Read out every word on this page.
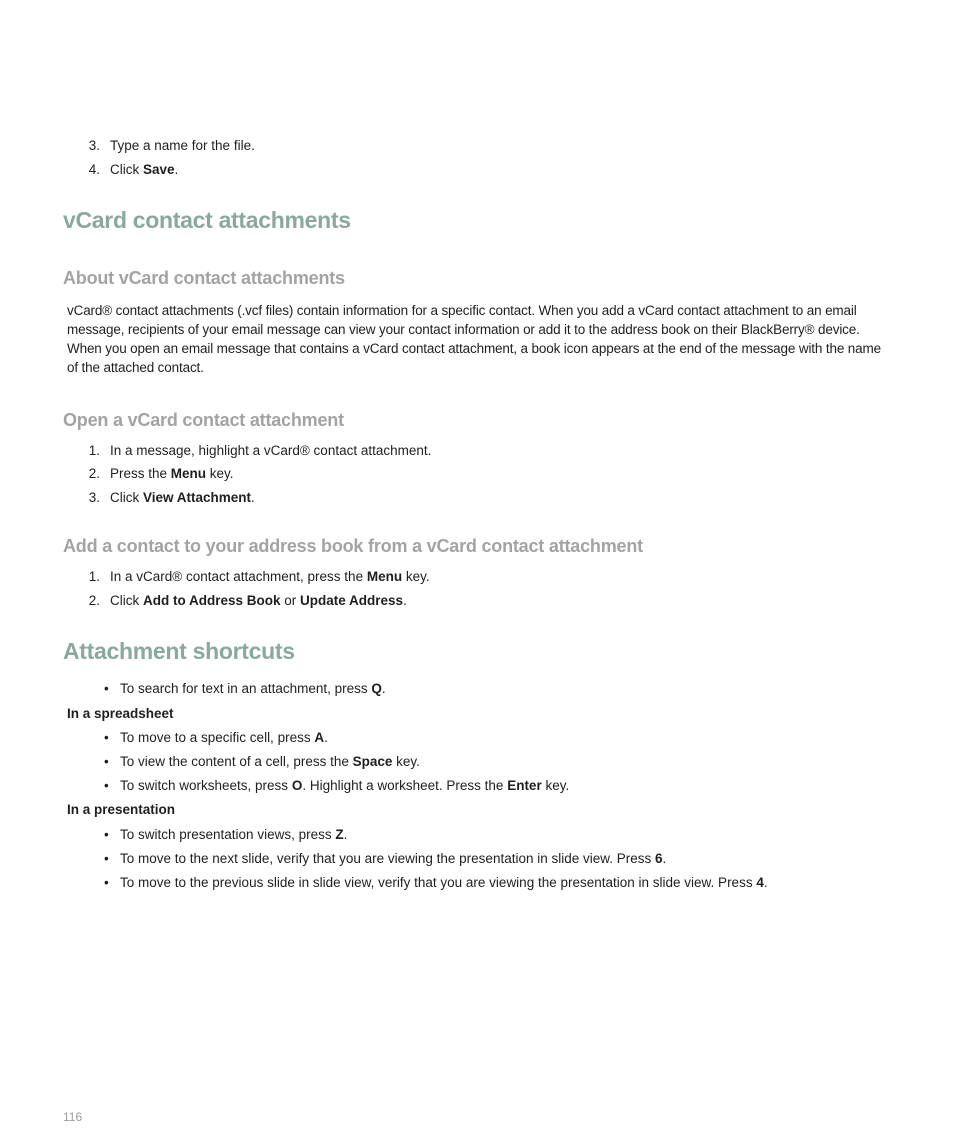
3. Type a name for the file.
4. Click Save.
vCard contact attachments
About vCard contact attachments
vCard® contact attachments (.vcf files) contain information for a specific contact. When you add a vCard contact attachment to an email
message, recipients of your email message can view your contact information or add it to the address book on their BlackBerry® device.
When you open an email message that contains a vCard contact attachment, a book icon appears at the end of the message with the name
of the attached contact.
Open a vCard contact attachment
1. In a message, highlight a vCard® contact attachment.
2. Press the Menu key.
3. Click View Attachment.
Add a contact to your address book from a vCard contact attachment
1. In a vCard® contact attachment, press the Menu key.
2. Click Add to Address Book or Update Address.
Attachment shortcuts
• To search for text in an attachment, press Q.
In a spreadsheet
• To move to a specific cell, press A.
• To view the content of a cell, press the Space key.
• To switch worksheets, press O. Highlight a worksheet. Press the Enter key.
In a presentation
• To switch presentation views, press Z.
• To move to the next slide, verify that you are viewing the presentation in slide view. Press 6.
• To move to the previous slide in slide view, verify that you are viewing the presentation in slide view. Press 4.
116
